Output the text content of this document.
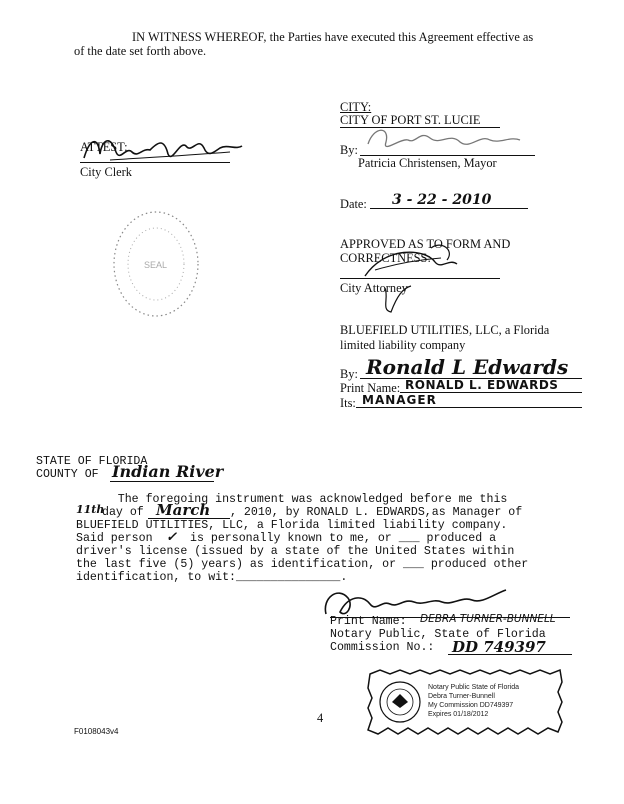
IN WITNESS WHEREOF, the Parties have executed this Agreement effective as
of the date set forth above.
ATTEST:
City Clerk
SEAL
CITY:
CITY OF PORT ST. LUCIE
By:
Patricia Christensen, Mayor
Date: 3 - 22 - 2010
APPROVED AS TO FORM AND
CORRECTNESS:
City Attorney
BLUEFIELD UTILITIES, LLC, a Florida
limited liability company
By: Ronald L Edwards
Print Name: RONALD L. EDWARDS
Its: MANAGER
STATE OF FLORIDA
COUNTY OF Indian River
The foregoing instrument was acknowledged before me this
11th
day of March , 2010, by RONALD L. EDWARDS,as Manager of
BLUEFIELD UTILITIES, LLC, a Florida limited liability company.
Said person ✓ is personally known to me, or ___ produced a
driver's license (issued by a state of the United States within
the last five (5) years) as identification, or ___ produced other
identification, to wit:_______________.
Print Name: DEBRA TURNER-BUNNELL
Notary Public, State of Florida
Commission No.: DD 749397
Notary Public State of Florida
Debra Turner-Bunnell
My Commission DD749397
Expires 01/18/2012
4
F0108043v4
